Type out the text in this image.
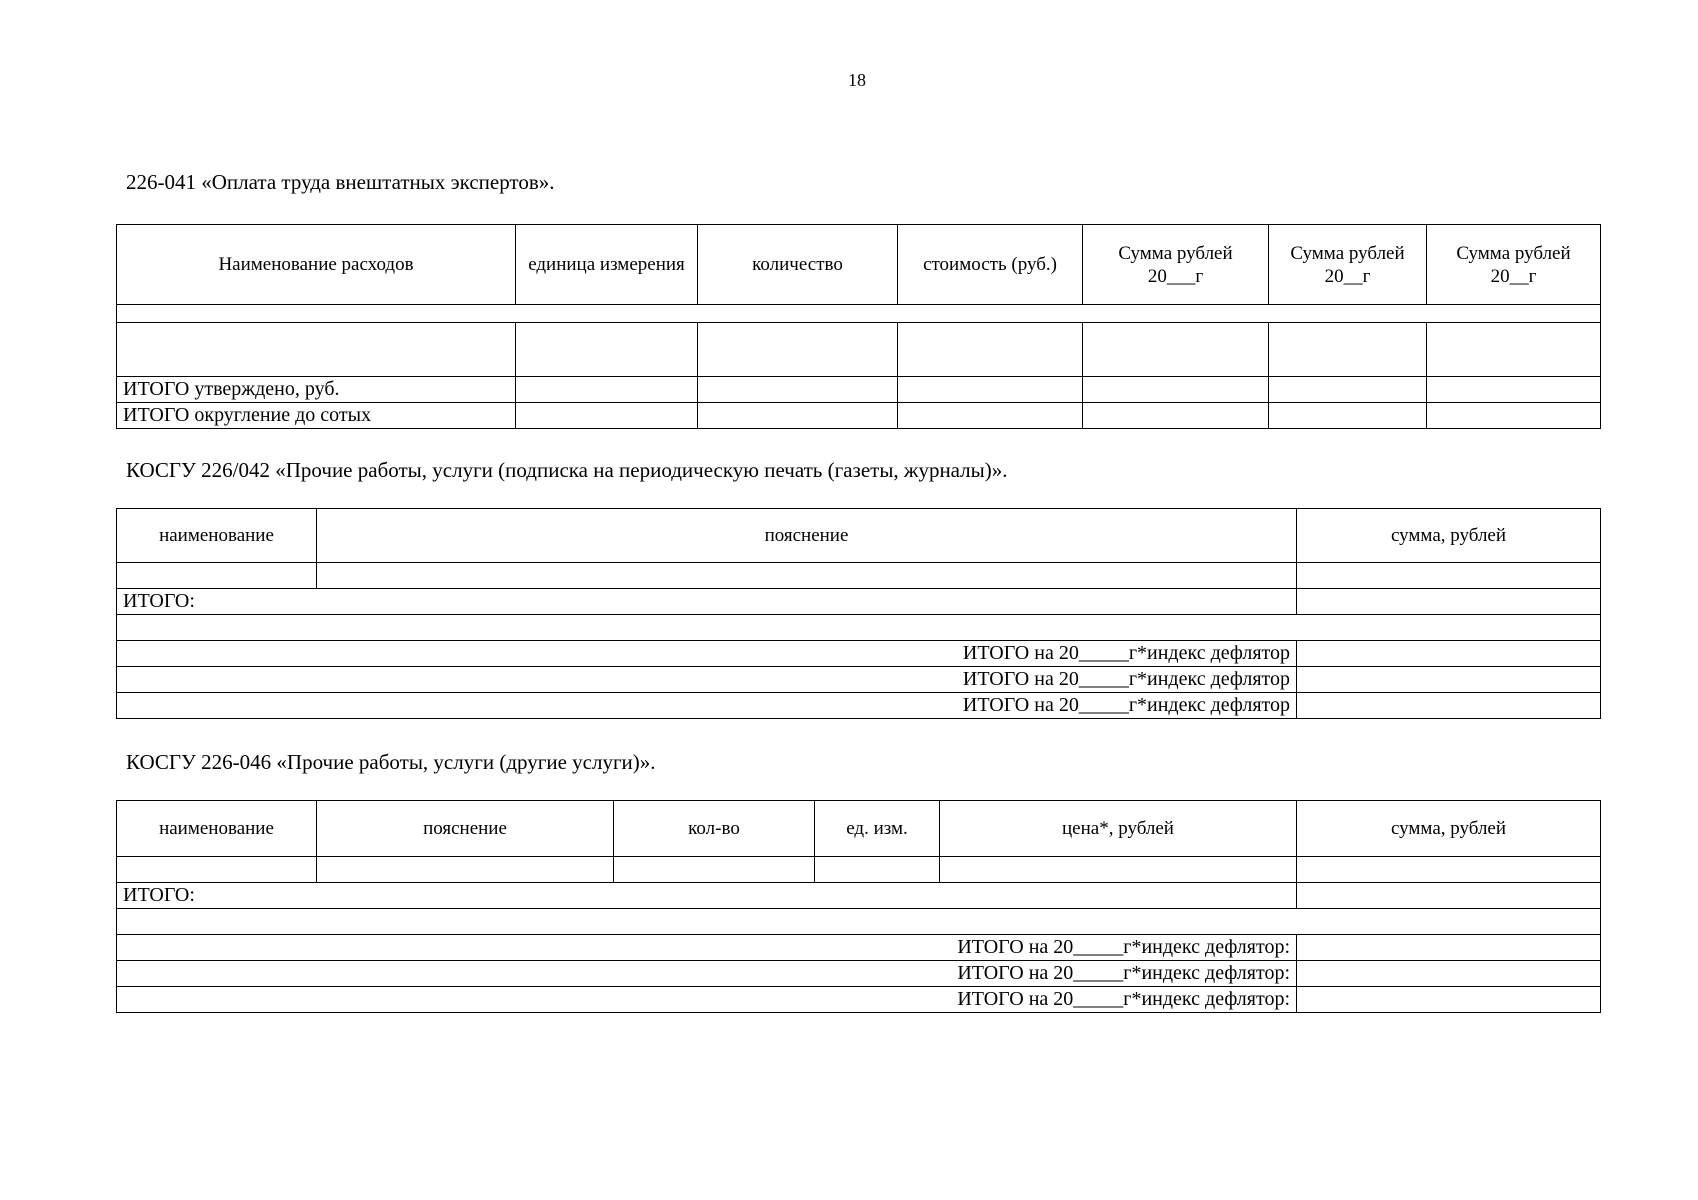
18
226-041 «Оплата труда внештатных экспертов».
Наименование расходов	единица измерения	количество	стоимость (руб.)	Сумма рублей 20___г	Сумма рублей 20__г	Сумма рублей 20__г

ИТОГО утверждено, руб.						
ИТОГО округление до сотых						
КОСГУ 226/042 «Прочие работы, услуги (подписка на периодическую печать (газеты, журналы)».
наименование	пояснение	сумма, рублей

ИТОГО:		

ИТОГО на 20_____г*индекс дефлятор		
ИТОГО на 20_____г*индекс дефлятор		
ИТОГО на 20_____г*индекс дефлятор		
КОСГУ 226-046 «Прочие работы, услуги (другие услуги)».
наименование	пояснение	кол-во	ед. изм.	цена*, рублей	сумма, рублей

ИТОГО:					

ИТОГО на 20_____г*индекс дефлятор:					
ИТОГО на 20_____г*индекс дефлятор:					
ИТОГО на 20_____г*индекс дефлятор:					
